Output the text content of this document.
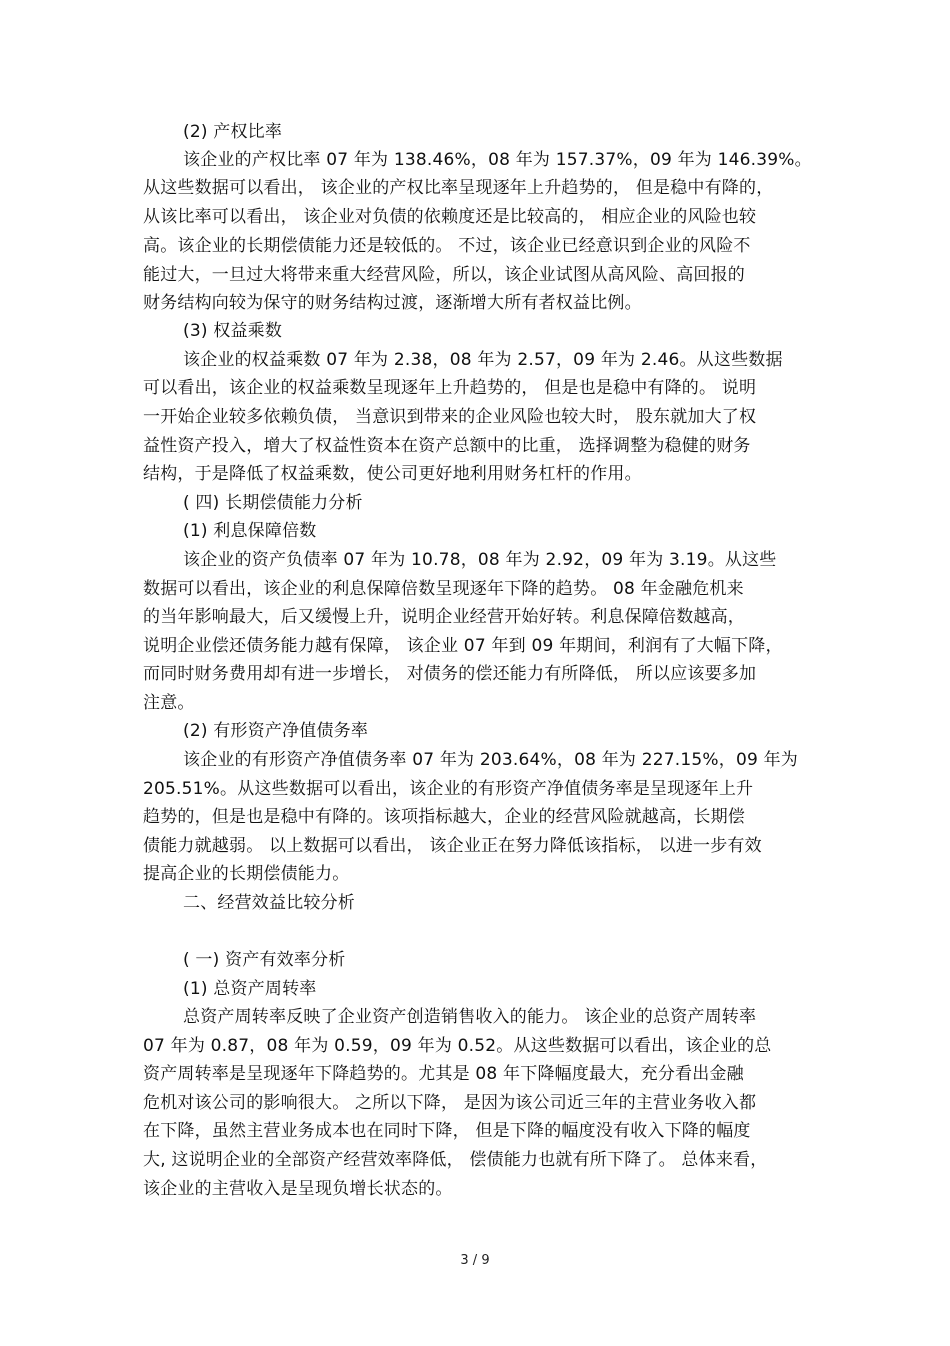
(2) 产权比率
该企业的产权比率 07 年为 138.46%，08 年为 157.37%，09 年为 146.39%。
从这些数据可以看出， 该企业的产权比率呈现逐年上升趋势的， 但是稳中有降的，
从该比率可以看出， 该企业对负债的依赖度还是比较高的， 相应企业的风险也较
高。该企业的长期偿债能力还是较低的。 不过，该企业已经意识到企业的风险不
能过大，一旦过大将带来重大经营风险，所以，该企业试图从高风险、高回报的
财务结构向较为保守的财务结构过渡，逐渐增大所有者权益比例。
(3) 权益乘数
该企业的权益乘数 07 年为 2.38，08 年为 2.57，09 年为 2.46。从这些数据
可以看出，该企业的权益乘数呈现逐年上升趋势的， 但是也是稳中有降的。 说明
一开始企业较多依赖负债， 当意识到带来的企业风险也较大时， 股东就加大了权
益性资产投入，增大了权益性资本在资产总额中的比重， 选择调整为稳健的财务
结构，于是降低了权益乘数，使公司更好地利用财务杠杆的作用。
( 四) 长期偿债能力分析
(1) 利息保障倍数
该企业的资产负债率 07 年为 10.78，08 年为 2.92，09 年为 3.19。从这些
数据可以看出，该企业的利息保障倍数呈现逐年下降的趋势。 08 年金融危机来
的当年影响最大，后又缓慢上升，说明企业经营开始好转。利息保障倍数越高，
说明企业偿还债务能力越有保障， 该企业 07 年到 09 年期间，利润有了大幅下降，
而同时财务费用却有进一步增长， 对债务的偿还能力有所降低， 所以应该要多加
注意。
(2) 有形资产净值债务率
该企业的有形资产净值债务率 07 年为 203.64%，08 年为 227.15%，09 年为
205.51%。从这些数据可以看出，该企业的有形资产净值债务率是呈现逐年上升
趋势的，但是也是稳中有降的。该项指标越大，企业的经营风险就越高，长期偿
债能力就越弱。 以上数据可以看出， 该企业正在努力降低该指标， 以进一步有效
提高企业的长期偿债能力。
二、经营效益比较分析
( 一) 资产有效率分析
(1) 总资产周转率
总资产周转率反映了企业资产创造销售收入的能力。 该企业的总资产周转率
07 年为 0.87，08 年为 0.59，09 年为 0.52。从这些数据可以看出，该企业的总
资产周转率是呈现逐年下降趋势的。尤其是 08 年下降幅度最大，充分看出金融
危机对该公司的影响很大。 之所以下降， 是因为该公司近三年的主营业务收入都
在下降，虽然主营业务成本也在同时下降， 但是下降的幅度没有收入下降的幅度
大, 这说明企业的全部资产经营效率降低， 偿债能力也就有所下降了。 总体来看，
该企业的主营收入是呈现负增长状态的。
3 / 9
